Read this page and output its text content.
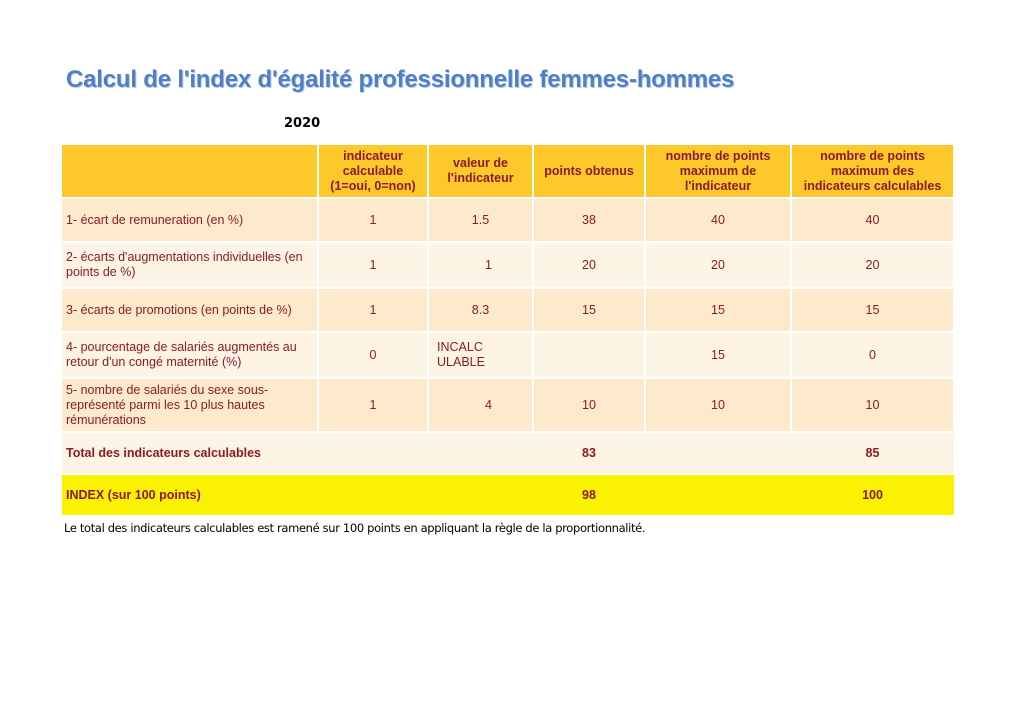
Calcul de l'index d'égalité professionnelle femmes-hommes
2020
	indicateur calculable (1=oui, 0=non)	valeur de l'indicateur	points obtenus	nombre de points maximum de l'indicateur	nombre de points maximum des indicateurs calculables
1- écart de remuneration (en %)	1	1.5	38	40	40
2- écarts d'augmentations individuelles (en points de %)	1	1	20	20	20
3- écarts de promotions (en points de %)	1	8.3	15	15	15
4- pourcentage de salariés augmentés au retour d'un congé maternité (%)	0	INCALC ULABLE		15	0
5- nombre de salariés du sexe sous-représenté parmi les 10 plus hautes rémunérations	1	4	10	10	10
Total des indicateurs calculables			83		85
INDEX (sur 100 points)			98		100
Le total des indicateurs calculables est ramené sur 100 points en appliquant la règle de la proportionnalité.
